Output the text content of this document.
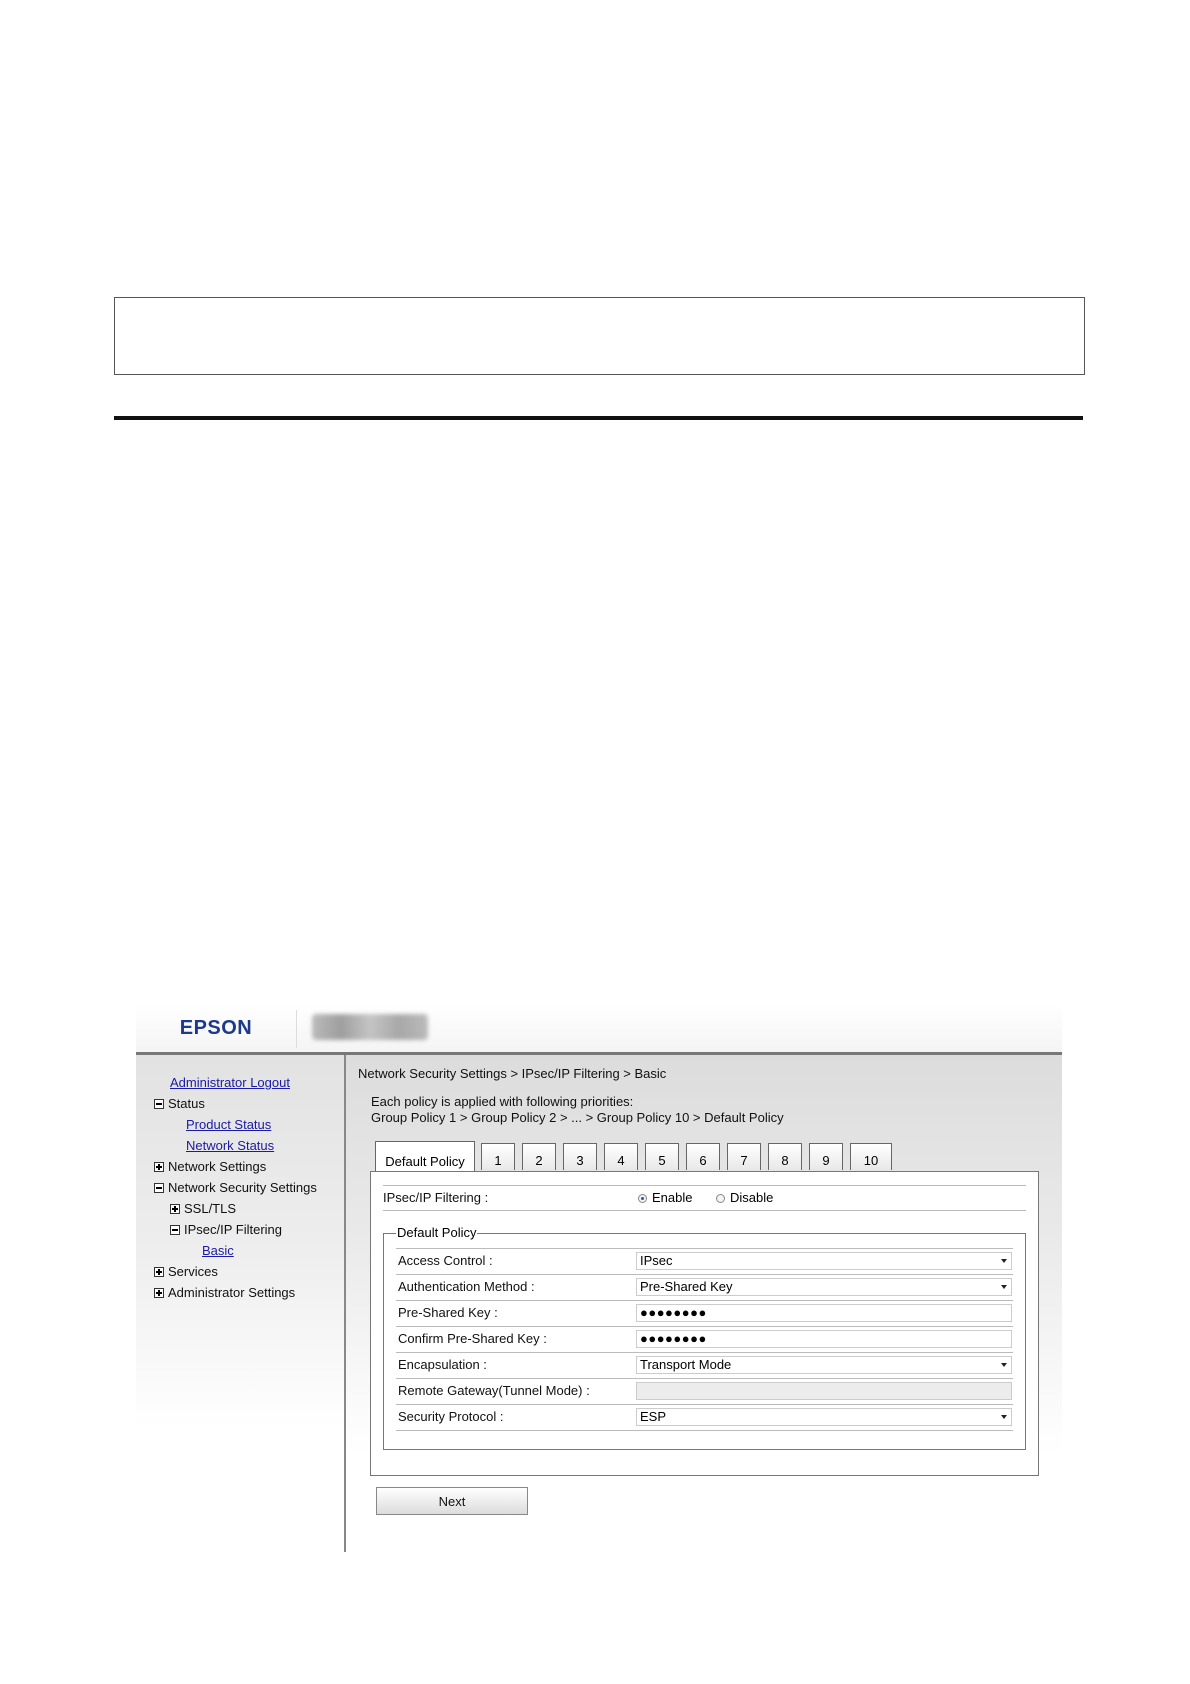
EPSON
Administrator Logout
Status
Product Status
Network Status
Network Settings
Network Security Settings
SSL/TLS
IPsec/IP Filtering
Basic
Services
Administrator Settings
Network Security Settings > IPsec/IP Filtering > Basic
Each policy is applied with following priorities:
Group Policy 1 > Group Policy 2 > ... > Group Policy 10 > Default Policy
Default Policy 1	2	3	4	5	6	7	8	9	10
IPsec/IP Filtering :	Enable	Disable
Default Policy
Access Control :	IPsec
Authentication Method :	Pre-Shared Key
Pre-Shared Key :	●●●●●●●●
Confirm Pre-Shared Key :	●●●●●●●●
Encapsulation :	Transport Mode
Remote Gateway(Tunnel Mode) :
Security Protocol :	ESP
Next
